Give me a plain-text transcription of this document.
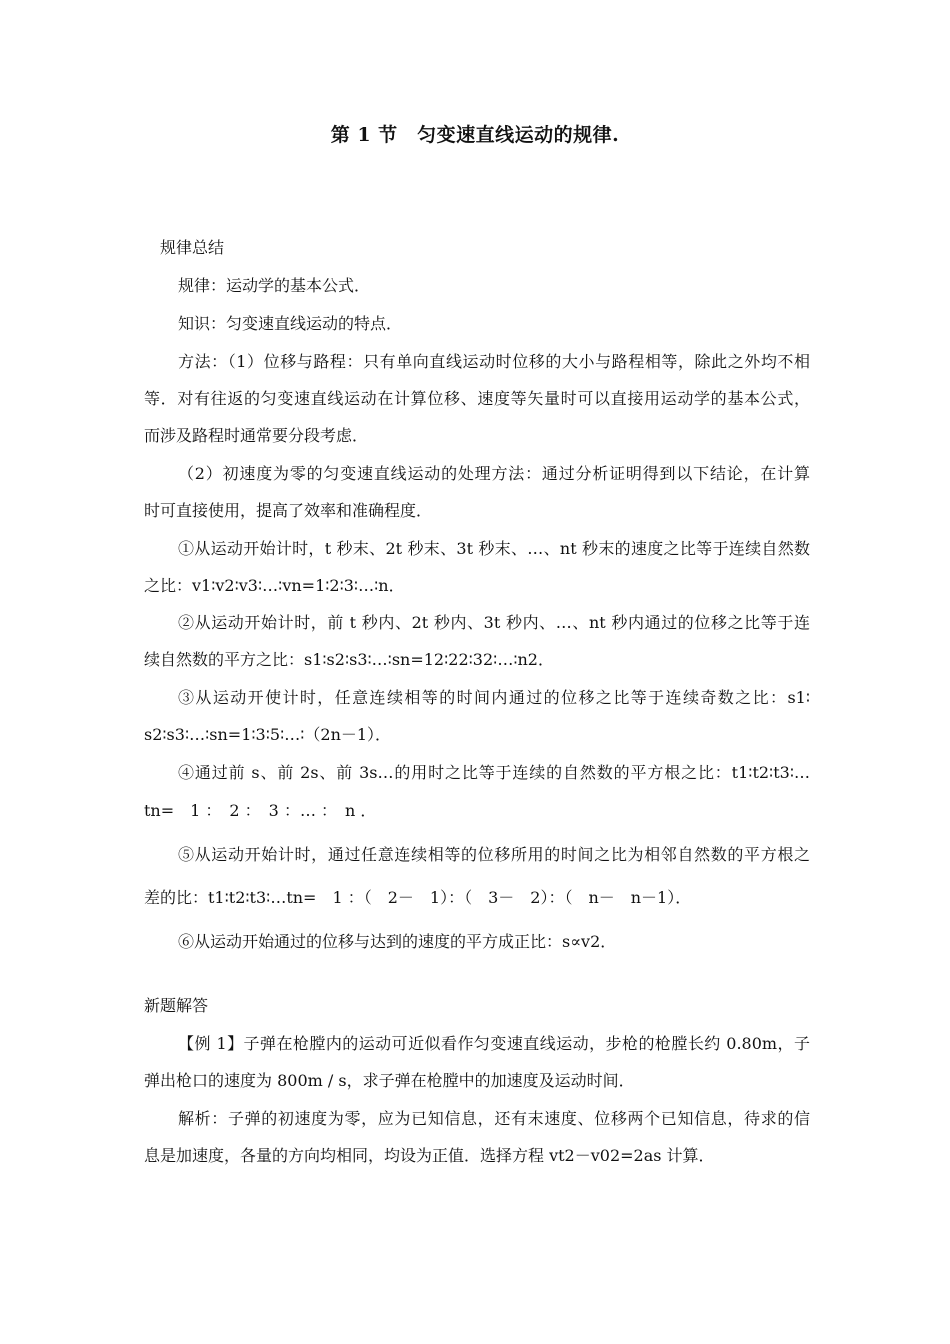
第 1 节　匀变速直线运动的规律.
规律总结
规律：运动学的基本公式．
知识：匀变速直线运动的特点．
方法：（1）位移与路程：只有单向直线运动时位移的大小与路程相等，除此之外均不相
等．对有往返的匀变速直线运动在计算位移、速度等矢量时可以直接用运动学的基本公式，
而涉及路程时通常要分段考虑．
（2）初速度为零的匀变速直线运动的处理方法：通过分析证明得到以下结论，在计算
时可直接使用，提高了效率和准确程度．
①从运动开始计时，t 秒末、2t 秒末、3t 秒末、…、nt 秒末的速度之比等于连续自然数
之比：v1∶v2∶v3∶…∶vn=1∶2∶3∶…∶n．
②从运动开始计时，前 t 秒内、2t 秒内、3t 秒内、…、nt 秒内通过的位移之比等于连
续自然数的平方之比：s1∶s2∶s3∶…∶sn=12∶22∶32∶…∶n2．
③从运动开使计时，任意连续相等的时间内通过的位移之比等于连续奇数之比：s1∶
s2∶s3∶…∶sn=1∶3∶5∶…∶（2n－1）．
④通过前 s、前 2s、前 3s…的用时之比等于连续的自然数的平方根之比：t1∶t2∶t3∶…
tn=　1 ：　2 ：　3 ：… ：　n ．
⑤从运动开始计时，通过任意连续相等的位移所用的时间之比为相邻自然数的平方根之
差的比：t1∶t2∶t3∶…tn=　1 ：（　2－　1）：（　3－　2）：（　n－　n－1）．
⑥从运动开始通过的位移与达到的速度的平方成正比：s∝v2．
新题解答
【例 1】子弹在枪膛内的运动可近似看作匀变速直线运动，步枪的枪膛长约 0.80m，子
弹出枪口的速度为 800m / s，求子弹在枪膛中的加速度及运动时间．
解析：子弹的初速度为零，应为已知信息，还有末速度、位移两个已知信息，待求的信
息是加速度，各量的方向均相同，均设为正值．选择方程 vt2－v02=2as 计算．
